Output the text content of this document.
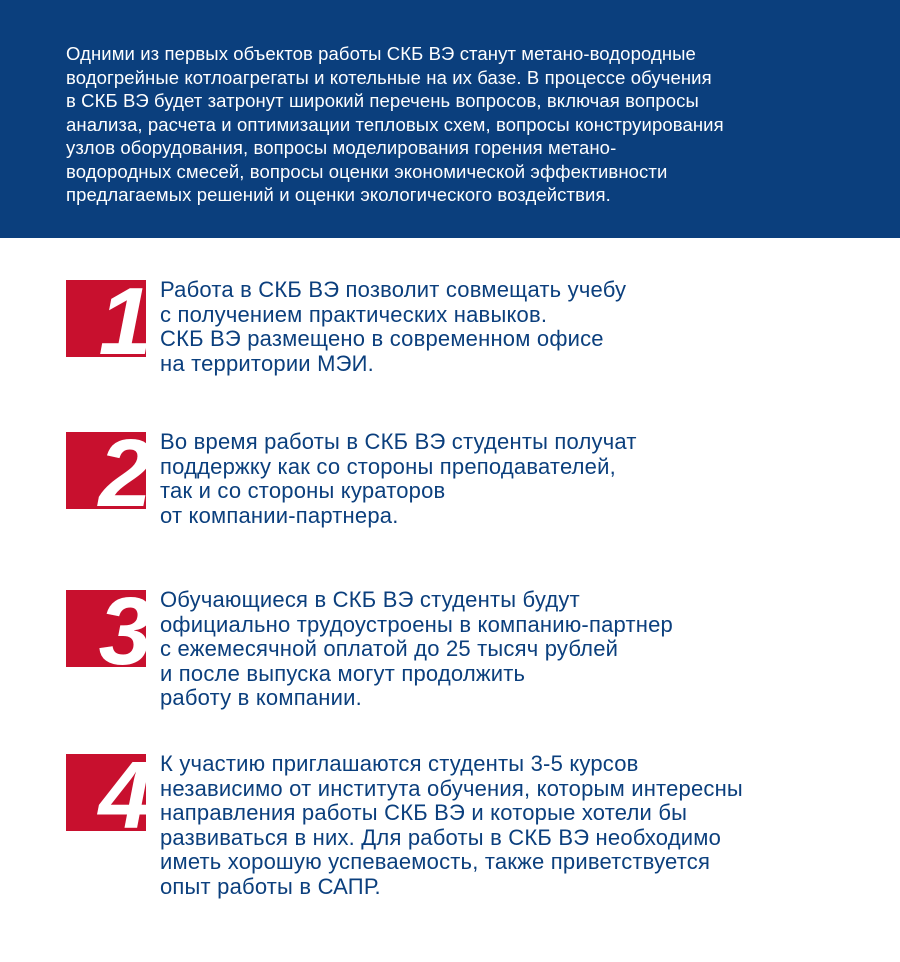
Одними из первых объектов работы СКБ ВЭ станут метано-водородные
водогрейные котлоагрегаты и котельные на их базе. В процессе обучения
в СКБ ВЭ будет затронут широкий перечень вопросов, включая вопросы
анализа, расчета и оптимизации тепловых схем, вопросы конструирования
узлов оборудования, вопросы моделирования горения метано-
водородных смесей, вопросы оценки экономической эффективности
предлагаемых решений и оценки экологического воздействия.
1 Работа в СКБ ВЭ позволит совмещать учебу
с получением практических навыков.
СКБ ВЭ размещено в современном офисе
на территории МЭИ.
2 Во время работы в СКБ ВЭ студенты получат
поддержку как со стороны преподавателей,
так и со стороны кураторов
от компании-партнера.
3 Обучающиеся в СКБ ВЭ студенты будут
официально трудоустроены в компанию-партнер
с ежемесячной оплатой до 25 тысяч рублей
и после выпуска могут продолжить
работу в компании.
4 К участию приглашаются студенты 3-5 курсов
независимо от института обучения, которым интересны
направления работы СКБ ВЭ и которые хотели бы
развиваться в них. Для работы в СКБ ВЭ необходимо
иметь хорошую успеваемость, также приветствуется
опыт работы в САПР.
